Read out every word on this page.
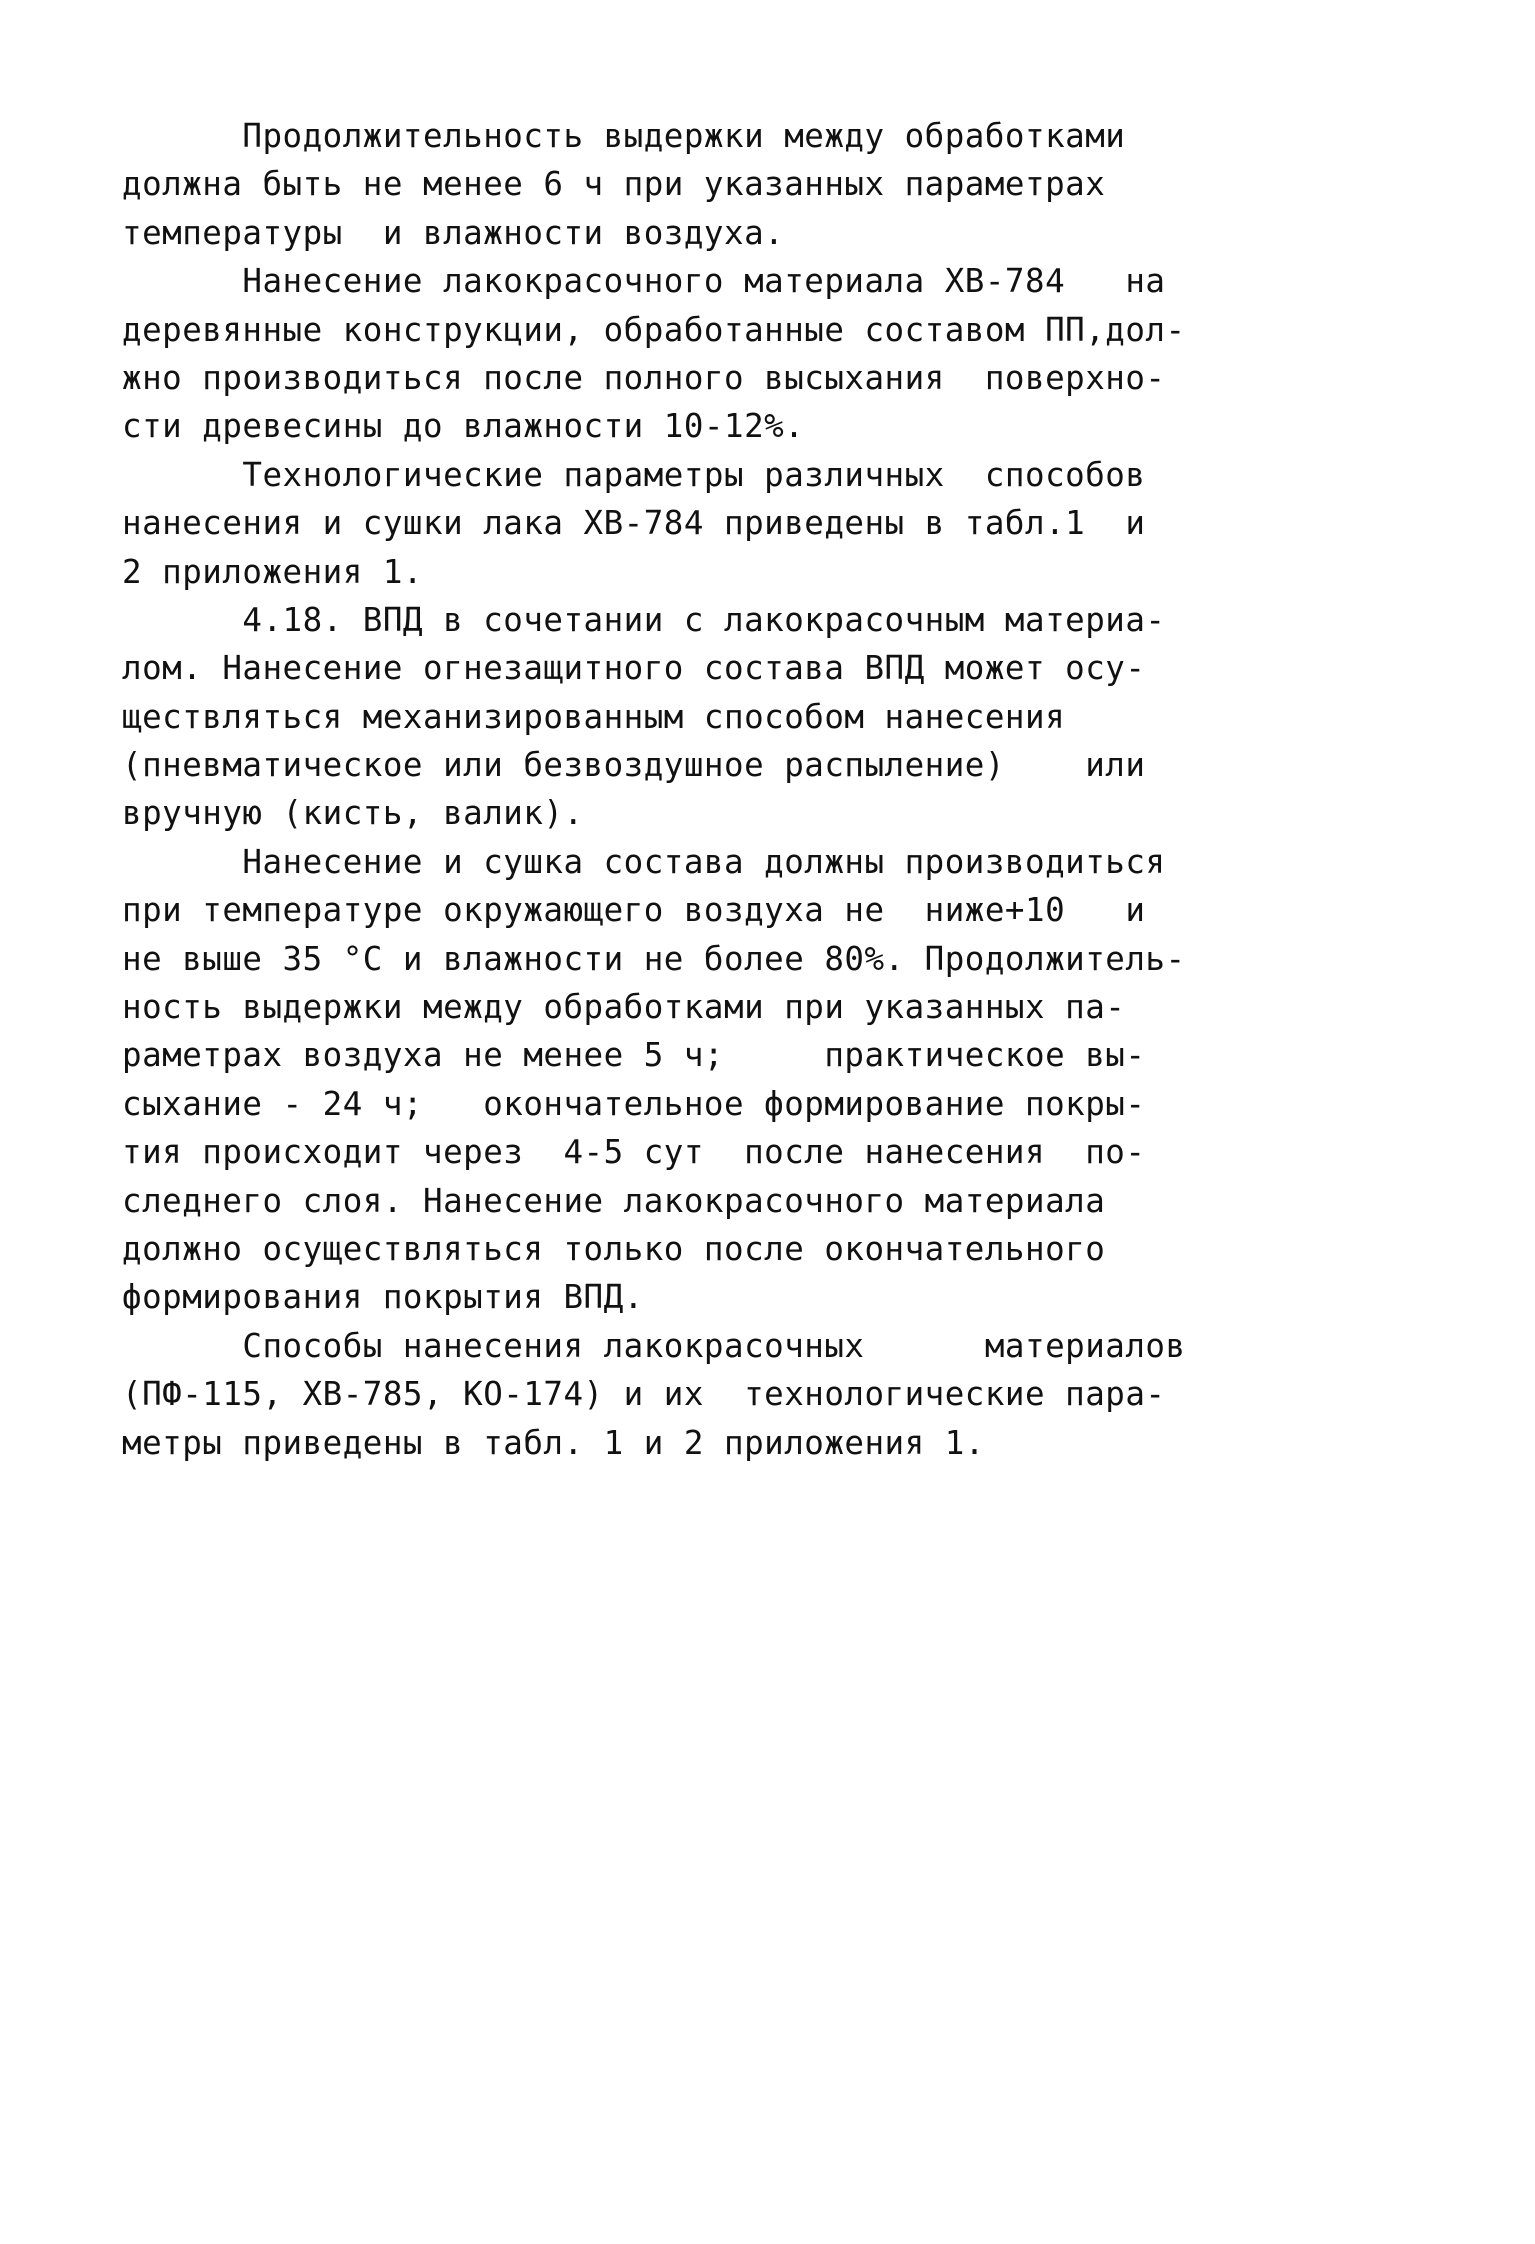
Продолжительность выдержки между обработками
должна быть не менее 6 ч при указанных параметрах
температуры  и влажности воздуха.
Нанесение лакокрасочного материала ХВ-784   на
деревянные конструкции, обработанные составом ПП,дол-
жно производиться после полного высыхания  поверхно-
сти древесины до влажности 10-12%.
Технологические параметры различных  способов
нанесения и сушки лака ХВ-784 приведены в табл.1  и
2 приложения 1.
4.18. ВПД в сочетании с лакокрасочным материа-
лом. Нанесение огнезащитного состава ВПД может осу-
ществляться механизированным способом нанесения
(пневматическое или безвоздушное распыление)    или
вручную (кисть, валик).
Нанесение и сушка состава должны производиться
при температуре окружающего воздуха не  ниже+10   и
не выше 35 °С и влажности не более 80%. Продолжитель-
ность выдержки между обработками при указанных па-
раметрах воздуха не менее 5 ч;     практическое вы-
сыхание - 24 ч;   окончательное формирование покры-
тия происходит через  4-5 сут  после нанесения  по-
следнего слоя. Нанесение лакокрасочного материала
должно осуществляться только после окончательного
формирования покрытия ВПД.
Способы нанесения лакокрасочных      материалов
(ПФ-115, ХВ-785, КО-174) и их  технологические пара-
метры приведены в табл. 1 и 2 приложения 1.
